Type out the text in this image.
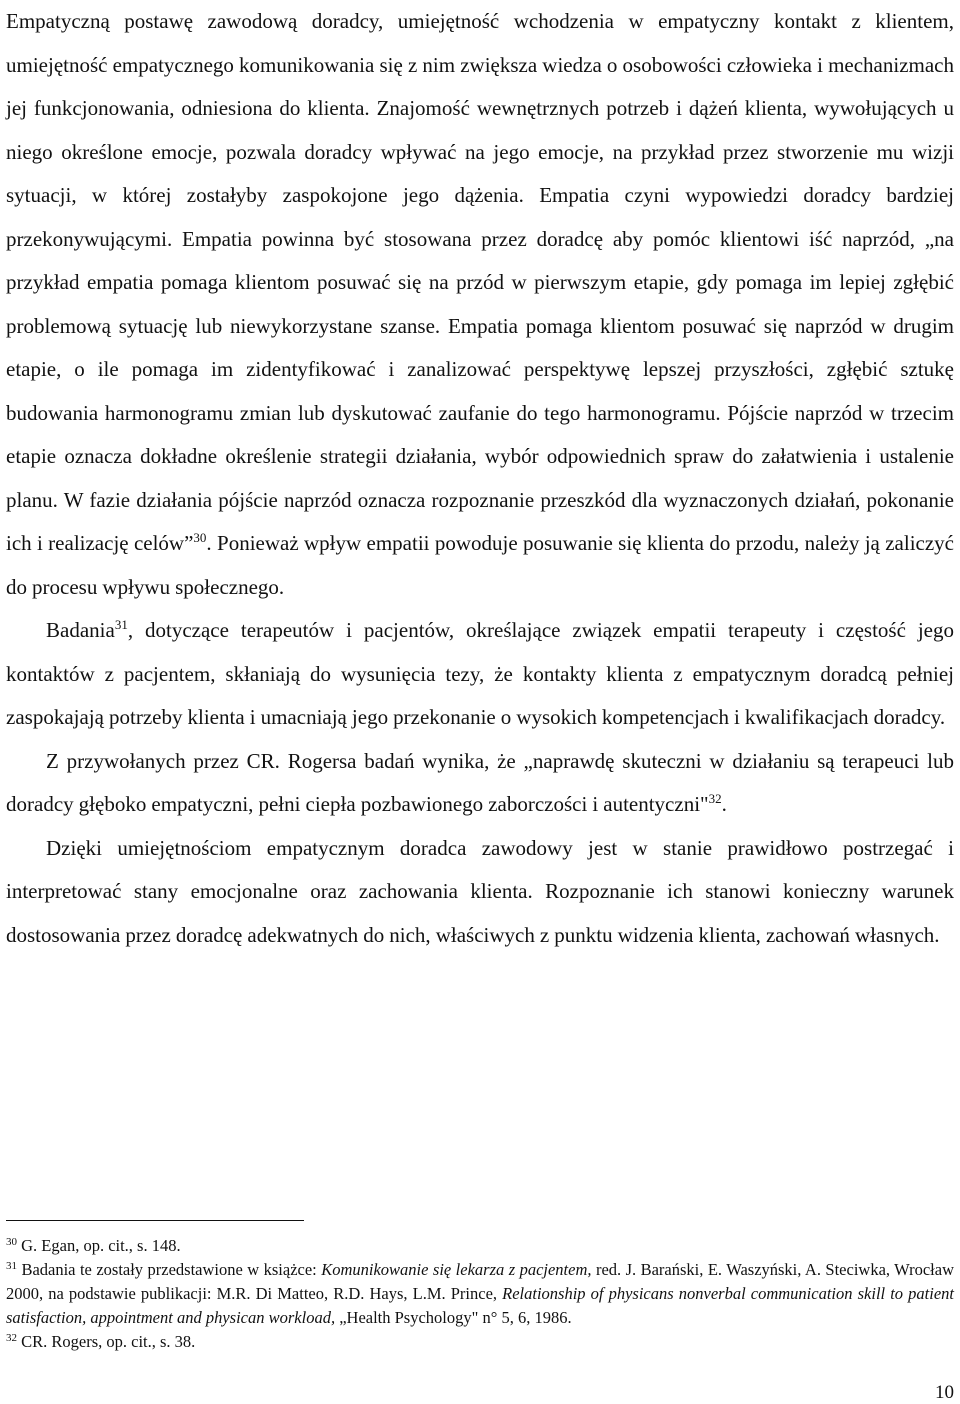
Empatyczną postawę zawodową doradcy, umiejętność wchodzenia w empatyczny kontakt z klientem, umiejętność empatycznego komunikowania się z nim zwiększa wiedza o osobowości człowieka i mechanizmach jej funkcjonowania, odniesiona do klienta. Znajomość wewnętrznych potrzeb i dążeń klienta, wywołujących u niego określone emocje, pozwala doradcy wpływać na jego emocje, na przykład przez stworzenie mu wizji sytuacji, w której zostałyby zaspokojone jego dążenia. Empatia czyni wypowiedzi doradcy bardziej przekonywującymi. Empatia powinna być stosowana przez doradcę aby pomóc klientowi iść naprzód, „na przykład empatia pomaga klientom posuwać się na przód w pierwszym etapie, gdy pomaga im lepiej zgłębić problemową sytuację lub niewykorzystane szanse. Empatia pomaga klientom posuwać się naprzód w drugim etapie, o ile pomaga im zidentyfikować i zanalizować perspektywę lepszej przyszłości, zgłębić sztukę budowania harmonogramu zmian lub dyskutować zaufanie do tego harmonogramu. Pójście naprzód w trzecim etapie oznacza dokładne określenie strategii działania, wybór odpowiednich spraw do załatwienia i ustalenie planu. W fazie działania pójście naprzód oznacza rozpoznanie przeszkód dla wyznaczonych działań, pokonanie ich i realizację celów”$^{30}$. Ponieważ wpływ empatii powoduje posuwanie się klienta do przodu, należy ją zaliczyć do procesu wpływu społecznego.

Badania$^{31}$, dotyczące terapeutów i pacjentów, określające związek empatii terapeuty i częstość jego kontaktów z pacjentem, skłaniają do wysunięcia tezy, że kontakty klienta z empatycznym doradcą pełniej zaspokajają potrzeby klienta i umacniają jego przekonanie o wysokich kompetencjach i kwalifikacjach doradcy.

Z przywołanych przez CR. Rogersa badań wynika, że „naprawdę skuteczni w działaniu są terapeuci lub doradcy głęboko empatyczni, pełni ciepła pozbawionego zaborczości i autentyczni"$^{32}$.

Dzięki umiejętnościom empatycznym doradca zawodowy jest w stanie prawidłowo postrzegać i interpretować stany emocjonalne oraz zachowania klienta. Rozpoznanie ich stanowi konieczny warunek dostosowania przez doradcę adekwatnych do nich, właściwych z punktu widzenia klienta, zachowań własnych.

$^{30}$ G. Egan, op. cit., s. 148.

$^{31}$ Badania te zostały przedstawione w książce: Komunikowanie się lekarza z pacjentem, red. J. Barański, E. Waszyński, A. Steciwka, Wrocław 2000, na podstawie publikacji: M.R. Di Matteo, R.D. Hays, L.M. Prince, Relationship of physicans nonverbal communication skill to patient satisfaction, appointment and physican workload, „Health Psychology" n° 5, 6, 1986.

$^{32}$ CR. Rogers, op. cit., s. 38.

10
